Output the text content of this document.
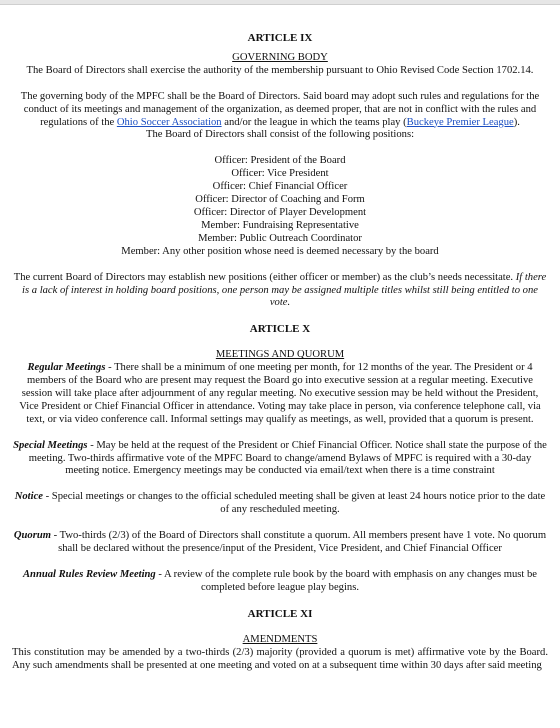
ARTICLE IX

GOVERNING BODY

The Board of Directors shall exercise the authority of the membership pursuant to Ohio Revised Code Section 1702.14.

The governing body of the MPFC shall be the Board of Directors. Said board may adopt such rules and regulations for the conduct of its meetings and management of the organization, as deemed proper, that are not in conflict with the rules and regulations of the Ohio Soccer Association and/or the league in which the teams play (Buckeye Premier League).
The Board of Directors shall consist of the following positions:

Officer: President of the Board

Officer: Vice President

Officer: Chief Financial Officer

Officer: Director of Coaching and Form

Officer: Director of Player Development

Member: Fundraising Representative

Member: Public Outreach Coordinator

Member: Any other position whose need is deemed necessary by the board

The current Board of Directors may establish new positions (either officer or member) as the club’s needs necessitate. If there is a lack of interest in holding board positions, one person may be assigned multiple titles whilst still being entitled to one vote.

ARTICLE X

MEETINGS AND QUORUM

Regular Meetings - There shall be a minimum of one meeting per month, for 12 months of the year. The President or 4 members of the Board who are present may request the Board go into executive session at a regular meeting. Executive session will take place after adjournment of any regular meeting. No executive session may be held without the President, Vice President or Chief Financial Officer in attendance. Voting may take place in person, via conference telephone call, via text, or via video conference call. Informal settings may qualify as meetings, as well, provided that a quorum is present.

Special Meetings - May be held at the request of the President or Chief Financial Officer. Notice shall state the purpose of the meeting. Two-thirds affirmative vote of the MPFC Board to change/amend Bylaws of MPFC is required with a 30-day meeting notice. Emergency meetings may be conducted via email/text when there is a time constraint

Notice - Special meetings or changes to the official scheduled meeting shall be given at least 24 hours notice prior to the date of any rescheduled meeting.

Quorum - Two-thirds (2/3) of the Board of Directors shall constitute a quorum. All members present have 1 vote. No quorum shall be declared without the presence/input of the President, Vice President, and Chief Financial Officer

Annual Rules Review Meeting - A review of the complete rule book by the board with emphasis on any changes must be completed before league play begins.

ARTICLE XI

AMENDMENTS

This constitution may be amended by a two-thirds (2/3) majority (provided a quorum is met) affirmative vote by the Board. Any such amendments shall be presented at one meeting and voted on at a subsequent time within 30 days after said meeting
